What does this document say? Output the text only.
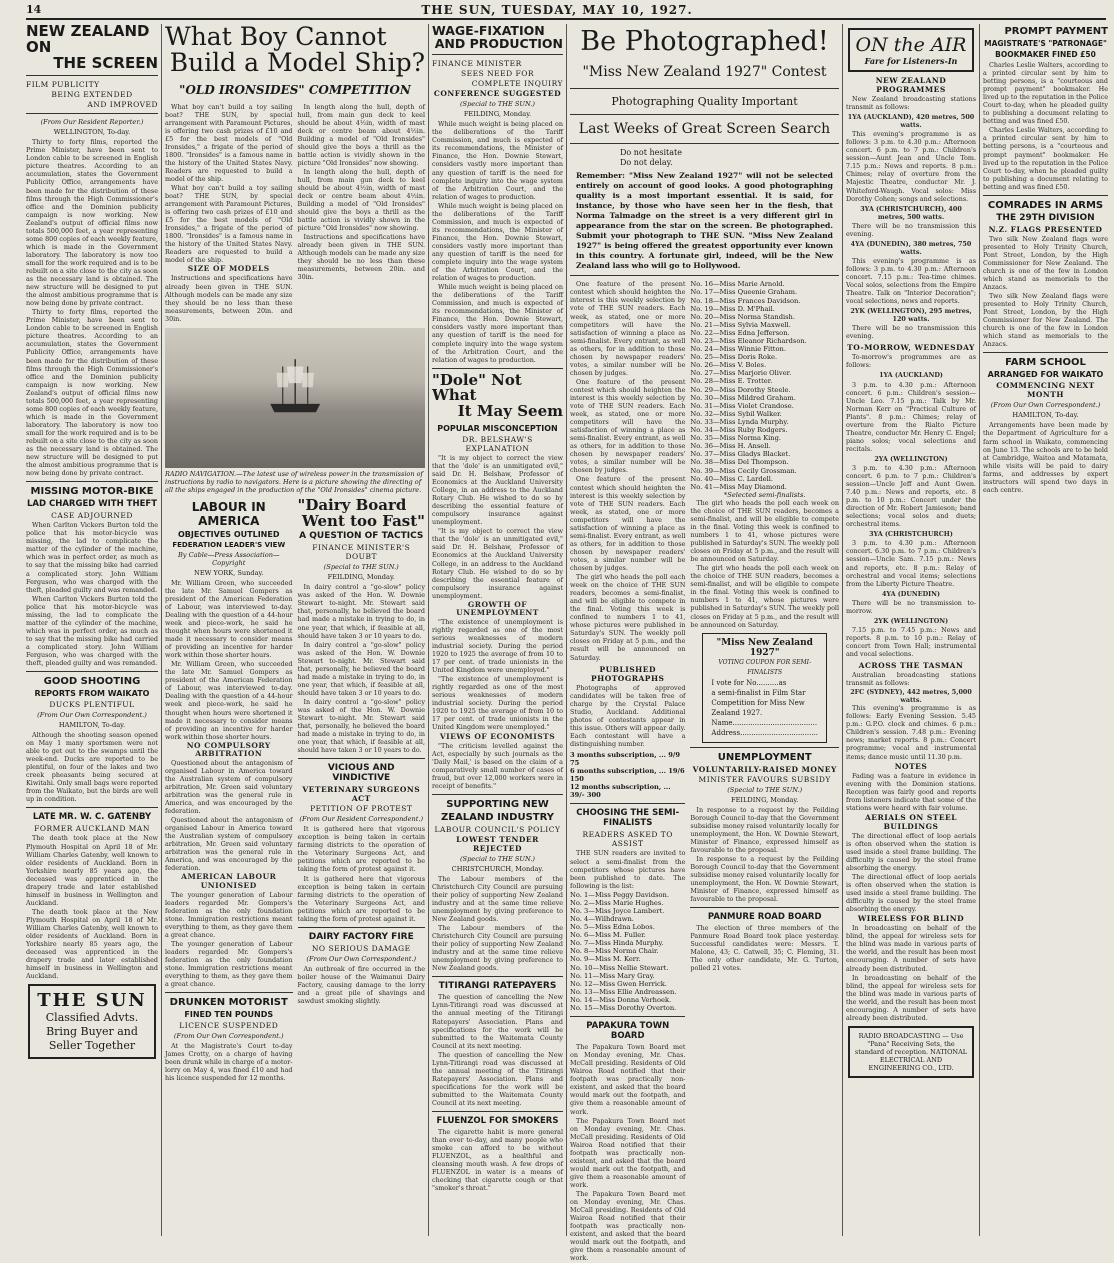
14	THE SUN, TUESDAY, MAY 10, 1927.
NEW ZEALAND ON
THE SCREEN
FILM PUBLICITY
BEING EXTENDED
AND IMPROVED
(From Our Resident Reporter.)
WELLINGTON, To-day.

Thirty to forty films, reported the Prime Minister, have been sent to London cable to be screened in English picture theatres. According to an accumulation, states the Government Publicity Office, arrangements have been made for the distribution of these films through the High Commissioner's office and the Dominion publicity campaign is now working. New Zealand's output of official films now totals 500,000 feet, a year representing some 800 copies of each weekly feature, which is made in the Government laboratory. The laboratory is now too small for the work required and is to be rebuilt on a site close to the city as soon as the necessary land is obtained. The new structure will be designed to put the almost ambitious programme that is now being done by private contract.

Thirty to forty films, reported the Prime Minister, have been sent to London cable to be screened in English picture theatres. According to an accumulation, states the Government Publicity Office, arrangements have been made for the distribution of these films through the High Commissioner's office and the Dominion publicity campaign is now working. New Zealand's output of official films now totals 500,000 feet, a year representing some 800 copies of each weekly feature, which is made in the Government laboratory. The laboratory is now too small for the work required and is to be rebuilt on a site close to the city as soon as the necessary land is obtained. The new structure will be designed to put the almost ambitious programme that is now being done by private contract.

MISSING MOTOR-BIKE
LAD CHARGED WITH THEFT
CASE ADJOURNED

When Carlton Vickers Burton told the police that his motor-bicycle was missing, the lad to complicate the matter of the cylinder of the machine, which was in perfect order, as much as to say that the missing bike had carried a complicated story. John William Ferguson, who was charged with the theft, pleaded guilty and was remanded.

When Carlton Vickers Burton told the police that his motor-bicycle was missing, the lad to complicate the matter of the cylinder of the machine, which was in perfect order, as much as to say that the missing bike had carried a complicated story. John William Ferguson, who was charged with the theft, pleaded guilty and was remanded.

GOOD SHOOTING
REPORTS FROM WAIKATO
DUCKS PLENTIFUL
(From Our Own Correspondent.)
HAMILTON, To-day.

Although the shooting season opened on May 1 many sportsmen were not able to get out to the swamps until the week-end. Ducks are reported to be plentiful, on four of the lakes and two creek pheasants being secured at Kiwitahi. Only small bags were reported from the Waikato, but the birds are well up in condition.

LATE MR. W. C. GATENBY
FORMER AUCKLAND MAN

The death took place at the New Plymouth Hospital on April 18 of Mr. William Charles Gatenby, well known to older residents of Auckland. Born in Yorkshire nearly 85 years ago, the deceased was apprenticed in the drapery trade and later established himself in business in Wellington and Auckland.

The death took place at the New Plymouth Hospital on April 18 of Mr. William Charles Gatenby, well known to older residents of Auckland. Born in Yorkshire nearly 85 years ago, the deceased was apprenticed in the drapery trade and later established himself in business in Wellington and Auckland.

THE SUN
Classified Advts.
Bring Buyer and
Seller Together
What Boy Cannot
Build a Model Ship?
"OLD IRONSIDES" COMPETITION

What boy can't build a toy sailing boat? THE SUN, by special arrangement with Paramount Pictures, is offering two cash prizes of £10 and £5 for the best models of "Old Ironsides," a frigate of the period of 1800. "Ironsides" is a famous name in the history of the United States Navy. Readers are requested to build a model of the ship.

What boy can't build a toy sailing boat? THE SUN, by special arrangement with Paramount Pictures, is offering two cash prizes of £10 and £5 for the best models of "Old Ironsides," a frigate of the period of 1800. "Ironsides" is a famous name in the history of the United States Navy. Readers are requested to build a model of the ship.

SIZE OF MODELS

Instructions and specifications have already been given in THE SUN. Although models can be made any size they should be no less than these measurements, between 20in. and 30in.

In length along the hull, depth of hull, from main gun deck to keel should be about 4½in, width of mast deck or centre beam about 4½in. Building a model of "Old Ironsides" should give the boys a thrill as the battle action is vividly shown in the picture "Old Ironsides" now showing.

In length along the hull, depth of hull, from main gun deck to keel should be about 4½in, width of mast deck or centre beam about 4½in. Building a model of "Old Ironsides" should give the boys a thrill as the battle action is vividly shown in the picture "Old Ironsides" now showing.

Instructions and specifications have already been given in THE SUN. Although models can be made any size they should be no less than these measurements, between 20in. and 30in.

RADIO NAVIGATION.—The latest use of wireless power in the transmission of instructions by radio to navigators. Here is a picture showing the directing of all the ships engaged in the production of the "Old Ironsides" cinema picture.
LABOUR IN AMERICA
OBJECTIVES OUTLINED
FEDERATION LEADER'S VIEW
By Cable—Press Association—Copyright
NEW YORK, Sunday.

Mr. William Green, who succeeded the late Mr. Samuel Gompers as president of the American Federation of Labour, was interviewed to-day. Dealing with the question of a 44-hour week and piece-work, he said he thought when hours were shortened it made it necessary to consider means of providing an incentive for harder work within those shorter hours.

Mr. William Green, who succeeded the late Mr. Samuel Gompers as president of the American Federation of Labour, was interviewed to-day. Dealing with the question of a 44-hour week and piece-work, he said he thought when hours were shortened it made it necessary to consider means of providing an incentive for harder work within those shorter hours.

NO COMPULSORY ARBITRATION

Questioned about the antagonism of organised Labour in America toward the Australian system of compulsory arbitration, Mr. Green said voluntary arbitration was the general rule in America, and was encouraged by the federation.

Questioned about the antagonism of organised Labour in America toward the Australian system of compulsory arbitration, Mr. Green said voluntary arbitration was the general rule in America, and was encouraged by the federation.

AMERICAN LABOUR UNIONISED

The younger generation of Labour leaders regarded Mr. Gompers's federation as the only foundation stone. Immigration restrictions meant everything to them, as they gave them a great chance.

The younger generation of Labour leaders regarded Mr. Gompers's federation as the only foundation stone. Immigration restrictions meant everything to them, as they gave them a great chance.

DRUNKEN MOTORIST
FINED TEN POUNDS
LICENCE SUSPENDED
(From Our Own Correspondent.)

At the Magistrate's Court to-day James Crotty, on a charge of having been drunk while in charge of a motor-lorry on May 4, was fined £10 and had his licence suspended for 12 months.

"Dairy Board
Went too Fast"
A QUESTION OF TACTICS
FINANCE MINISTER'S DOUBT
(Special to THE SUN.)
FEILDING, Monday.

In dairy control a "go-slow" policy was asked of the Hon. W. Downie Stewart to-night. Mr. Stewart said that, personally, he believed the board had made a mistake in trying to do, in one year, that which, if feasible at all, should have taken 3 or 10 years to do.

In dairy control a "go-slow" policy was asked of the Hon. W. Downie Stewart to-night. Mr. Stewart said that, personally, he believed the board had made a mistake in trying to do, in one year, that which, if feasible at all, should have taken 3 or 10 years to do.

In dairy control a "go-slow" policy was asked of the Hon. W. Downie Stewart to-night. Mr. Stewart said that, personally, he believed the board had made a mistake in trying to do, in one year, that which, if feasible at all, should have taken 3 or 10 years to do.

VICIOUS AND VINDICTIVE
VETERINARY SURGEONS ACT
PETITION OF PROTEST
(From Our Resident Correspondent.)

It is gathered here that vigorous exception is being taken in certain farming districts to the operation of the Veterinary Surgeons Act, and petitions which are reported to be taking the form of protest against it.

It is gathered here that vigorous exception is being taken in certain farming districts to the operation of the Veterinary Surgeons Act, and petitions which are reported to be taking the form of protest against it.

DAIRY FACTORY FIRE
NO SERIOUS DAMAGE
(From Our Own Correspondent.)

An outbreak of fire occurred in the boiler house of the Waimanui Dairy Factory, causing damage to the lorry and a great pile of shavings and sawdust smoking slightly.

WAGE-FIXATION
AND PRODUCTION
FINANCE MINISTER
SEES NEED FOR
COMPLETE INQUIRY
CONFERENCE SUGGESTED
(Special to THE SUN.)
FEILDING, Monday.

While much weight is being placed on the deliberations of the Tariff Commission, and much is expected of its recommendations, the Minister of Finance, the Hon. Downie Stewart, considers vastly more important than any question of tariff is the need for complete inquiry into the wage system of the Arbitration Court, and the relation of wages to production.

While much weight is being placed on the deliberations of the Tariff Commission, and much is expected of its recommendations, the Minister of Finance, the Hon. Downie Stewart, considers vastly more important than any question of tariff is the need for complete inquiry into the wage system of the Arbitration Court, and the relation of wages to production.

While much weight is being placed on the deliberations of the Tariff Commission, and much is expected of its recommendations, the Minister of Finance, the Hon. Downie Stewart, considers vastly more important than any question of tariff is the need for complete inquiry into the wage system of the Arbitration Court, and the relation of wages to production.

"Dole" Not What
It May Seem
POPULAR MISCONCEPTION
DR. BELSHAW'S EXPLANATION

"It is my object to correct the view that the 'dole' is an unmitigated evil," said Dr. H. Belshaw, Professor of Economics at the Auckland University College, in an address to the Auckland Rotary Club. He wished to do so by describing the essential feature of compulsory insurance against unemployment.

"It is my object to correct the view that the 'dole' is an unmitigated evil," said Dr. H. Belshaw, Professor of Economics at the Auckland University College, in an address to the Auckland Rotary Club. He wished to do so by describing the essential feature of compulsory insurance against unemployment.

GROWTH OF UNEMPLOYMENT

"The existence of unemployment is rightly regarded as one of the most serious weaknesses of modern industrial society. During the period 1920 to 1925 the average of from 10 to 17 per cent. of trade unionists in the United Kingdom were unemployed."

"The existence of unemployment is rightly regarded as one of the most serious weaknesses of modern industrial society. During the period 1920 to 1925 the average of from 10 to 17 per cent. of trade unionists in the United Kingdom were unemployed."

VIEWS OF ECONOMISTS

"The criticism levelled against the Act, especially by such journals as the 'Daily Mail,' is based on the claim of a comparatively small number of cases of fraud, but over 12,000 workers were in receipt of benefits."

SUPPORTING NEW
ZEALAND INDUSTRY
LABOUR COUNCIL'S POLICY
LOWEST TENDER REJECTED
(Special to THE SUN.)
CHRISTCHURCH, Monday.

The Labour members of the Christchurch City Council are pursuing their policy of supporting New Zealand industry and at the same time relieve unemployment by giving preference to New Zealand goods.

The Labour members of the Christchurch City Council are pursuing their policy of supporting New Zealand industry and at the same time relieve unemployment by giving preference to New Zealand goods.

TITIRANGI RATEPAYERS

The question of cancelling the New Lynn-Titirangi road was discussed at the annual meeting of the Titirangi Ratepayers' Association. Plans and specifications for the work will be submitted to the Waitemata County Council at its next meeting.

The question of cancelling the New Lynn-Titirangi road was discussed at the annual meeting of the Titirangi Ratepayers' Association. Plans and specifications for the work will be submitted to the Waitemata County Council at its next meeting.

FLUENZOL FOR SMOKERS

The cigarette habit is more general than ever to-day, and many people who smoke can afford to be without FLUENZOL, as a healthful and cleansing mouth wash. A few drops of FLUENZOL in water is a means of checking that cigarette cough or that "smoker's throat."

Be Photographed!
"Miss New Zealand 1927" Contest
Photographing Quality Important
Last Weeks of Great Screen Search
Do not hesitate
Do not delay.
Remember: "Miss New Zealand 1927" will not be selected entirely on account of good looks. A good photographing quality is a most important essential. It is said, for instance, by those who have seen her in the flesh, that Norma Talmadge on the street is a very different girl in appearance from the star on the screen. Be photographed. Submit your photograph to THE SUN. "Miss New Zealand 1927" is being offered the greatest opportunity ever known in this country. A fortunate girl, indeed, will be the New Zealand lass who will go to Hollywood.

One feature of the present contest which should heighten the interest is this weekly selection by vote of THE SUN readers. Each week, as stated, one or more competitors will have the satisfaction of winning a place as semi-finalist. Every entrant, as well as others, for in addition to those chosen by newspaper readers' votes, a similar number will be chosen by judges.

One feature of the present contest which should heighten the interest is this weekly selection by vote of THE SUN readers. Each week, as stated, one or more competitors will have the satisfaction of winning a place as semi-finalist. Every entrant, as well as others, for in addition to those chosen by newspaper readers' votes, a similar number will be chosen by judges.

One feature of the present contest which should heighten the interest is this weekly selection by vote of THE SUN readers. Each week, as stated, one or more competitors will have the satisfaction of winning a place as semi-finalist. Every entrant, as well as others, for in addition to those chosen by newspaper readers' votes, a similar number will be chosen by judges.

The girl who heads the poll each week on the choice of THE SUN readers, becomes a semi-finalist, and will be eligible to compete in the final. Voting this week is confined to numbers 1 to 41, whose pictures were published in Saturday's SUN. The weekly poll closes on Friday at 5 p.m., and the result will be announced on Saturday.

PUBLISHED PHOTOGRAPHS

Photographs of approved candidates will be taken free of charge by the Crystal Palace Studio, Auckland. Additional photos of contestants appear in this issue. Others will appear daily. Each contestant will have a distinguishing number.

3 months subscription, ... 9/9 75
6 months subscription, ... 19/6 150
12 months subscription, ... 39/- 300
CHOOSING THE SEMI-FINALISTS
READERS ASKED TO ASSIST

THE SUN readers are invited to select a semi-finalist from the competitors whose pictures have been published to date. The following is the list:

No. 1—Miss Peggy Davidson.
No. 2—Miss Marie Hughes.
No. 3—Miss Joyce Lambert.
No. 4—Wilhdrawn.
No. 5—Miss Edna Lobos.
No. 6—Miss M. Fuller.
No. 7—Miss Hinda Murphy.
No. 8—Miss Norma Chair.
No. 9—Miss M. Kerr.
No. 10—Miss Nellie Stewart.
No. 11—Miss Mary Gray.
No. 12—Miss Gwen Herrick.
No. 13—Miss Ellie Andreassen.
No. 14—Miss Donna Verhoek.
No. 15—Miss Dorothy Overton.
PAPAKURA TOWN BOARD

The Papakura Town Board met on Monday evening, Mr. Chas. McCall presiding. Residents of Old Wairoa Road notified that their footpath was practically non-existent, and asked that the board would mark out the footpath, and give them a reasonable amount of work.

The Papakura Town Board met on Monday evening, Mr. Chas. McCall presiding. Residents of Old Wairoa Road notified that their footpath was practically non-existent, and asked that the board would mark out the footpath, and give them a reasonable amount of work.

The Papakura Town Board met on Monday evening, Mr. Chas. McCall presiding. Residents of Old Wairoa Road notified that their footpath was practically non-existent, and asked that the board would mark out the footpath, and give them a reasonable amount of work.

No. 16—Miss Marie Arnold.
No. 17—Miss Queenie Graham.
No. 18—Miss Frances Davidson.
No. 19—Miss D. M'Phail.
No. 20—Miss Norma Standish.
No. 21—Miss Sylvia Maxwell.
No. 22—Miss Edna Jefferson.
No. 23—Miss Eleanor Richardson.
No. 24—Miss Winnie Fitton.
No. 25—Miss Doris Roke.
No. 26—Miss V. Boles.
No. 27—Miss Marjorie Oliver.
No. 28—Miss E. Trotter.
No. 29—Miss Dorothy Steele.
No. 30—Miss Mildred Graham.
No. 31—Miss Violet Crandose.
No. 32—Miss Sybil Walker.
No. 33—Miss Lynda Murphy.
No. 34—Miss Ruby Rodgers.
No. 35—Miss Norma King.
No. 36—Miss H. Ansell.
No. 37—Miss Gladys Blacket.
No. 38—Miss Del Thompson.
No. 39—Miss Cecily Grossman.
No. 40—Miss C. Lardell.
No. 41—Miss May Diamond.
*Selected semi-finalists.

The girl who heads the poll each week on the choice of THE SUN readers, becomes a semi-finalist, and will be eligible to compete in the final. Voting this week is confined to numbers 1 to 41, whose pictures were published in Saturday's SUN. The weekly poll closes on Friday at 5 p.m., and the result will be announced on Saturday.

The girl who heads the poll each week on the choice of THE SUN readers, becomes a semi-finalist, and will be eligible to compete in the final. Voting this week is confined to numbers 1 to 41, whose pictures were published in Saturday's SUN. The weekly poll closes on Friday at 5 p.m., and the result will be announced on Saturday.

"Miss New Zealand 1927"
VOTING COUPON FOR SEMI-FINALISTS
I vote for No..........as
a semi-finalist in Film Star
Competition for Miss New
Zealand 1927.
Name......................................
Address...................................
UNEMPLOYMENT
VOLUNTARILY-RAISED MONEY
MINISTER FAVOURS SUBSIDY
(Special to THE SUN.)
FEILDING, Monday.

In response to a request by the Feilding Borough Council to-day that the Government subsidise money raised voluntarily locally for unemployment, the Hon. W. Downie Stewart, Minister of Finance, expressed himself as favourable to the proposal.

In response to a request by the Feilding Borough Council to-day that the Government subsidise money raised voluntarily locally for unemployment, the Hon. W. Downie Stewart, Minister of Finance, expressed himself as favourable to the proposal.

PANMURE ROAD BOARD

The election of three members of the Panmure Road Board took place yesterday. Successful candidates were: Messrs. T. Malone, 43; C. Catwell, 35; C. Fleming, 31. The only other candidate, Mr. G. Turton, polled 21 votes.

ON the AIR
Fare for Listeners-In
NEW ZEALAND PROGRAMMES

New Zealand broadcasting stations transmit as follows:

1YA (AUCKLAND), 420 metres, 500 watts.

This evening's programme is as follows: 3 p.m. to 4.30 p.m.: Afternoon concert. 6 p.m. to 7 p.m.: Children's session—Aunt Jean and Uncle Tom. 7.15 p.m.: News and reports. 8 p.m.: Chimes; relay of overture from the Majestic Theatre, conductor Mr. J. Whiteford-Waugh. Vocal solos: Miss Dorothy Cohen; songs and selections.

3YA (CHRISTCHURCH), 400 metres, 500 watts.

There will be no transmission this evening.

4YA (DUNEDIN), 380 metres, 750 watts.

This evening's programme is as follows: 3 p.m. to 4.30 p.m.: Afternoon concert. 7.15 p.m.: Tea-time chimes. Vocal solos, selections from the Empire Theatre. Talk on "Interior Decoration"; vocal selections, news and reports.

2YK (WELLINGTON), 295 metres, 120 watts.

There will be no transmission this evening.

TO-MORROW, WEDNESDAY

To-morrow's programmes are as follows:

1YA (AUCKLAND)

3 p.m. to 4.30 p.m.: Afternoon concert. 6 p.m.: Children's session—Uncle Leo. 7.15 p.m.: Talk by Mr. Norman Kerr on "Practical Culture of Plants". 8 p.m.: Chimes; relay of overture from the Rialto Picture Theatre, conductor Mr. Henry C. Engel; piano solos; vocal selections and recitals.

2YA (WELLINGTON)

3 p.m. to 4.30 p.m.: Afternoon concert. 6 p.m. to 7 p.m.: Children's session—Uncle Jeff and Aunt Gwen. 7.40 p.m.: News and reports, etc. 8 p.m. to 10 p.m.: Concert under the direction of Mr. Robert Jamieson; band selections; vocal solos and duets; orchestral items.

3YA (CHRISTCHURCH)

3 p.m. to 4.30 p.m.: Afternoon concert. 6.30 p.m. to 7 p.m.: Children's session—Uncle Sam. 7.15 p.m.: News and reports, etc. 8 p.m.: Relay of orchestral and vocal items; selections from the Liberty Picture Theatre.

4YA (DUNEDIN)

There will be no transmission to-morrow.

2YK (WELLINGTON)

7.15 p.m. to 7.45 p.m.: News and reports. 8 p.m. to 10 p.m.: Relay of concert from Town Hall; instrumental and vocal selections.

ACROSS THE TASMAN

Australian broadcasting stations transmit as follows:

2FC (SYDNEY), 442 metres, 5,000 watts.

This evening's programme is as follows: Early Evening Session. 5.45 p.m.: G.P.O. clock and chimes. 6 p.m.: Children's session. 7.48 p.m.: Evening news; market reports. 8 p.m.: Concert programme; vocal and instrumental items; dance music until 11.30 p.m.

NOTES

Fading was a feature in evidence in evening with the Dominion stations. Reception was fairly good and reports from listeners indicate that some of the stations were heard with fair volume.

AERIALS ON STEEL BUILDINGS

The directional effect of loop aerials is often observed when the station is used inside a steel frame building. The difficulty is caused by the steel frame absorbing the energy.

The directional effect of loop aerials is often observed when the station is used inside a steel frame building. The difficulty is caused by the steel frame absorbing the energy.

WIRELESS FOR BLIND

In broadcasting on behalf of the blind, the appeal for wireless sets for the blind was made in various parts of the world, and the result has been most encouraging. A number of sets have already been distributed.

In broadcasting on behalf of the blind, the appeal for wireless sets for the blind was made in various parts of the world, and the result has been most encouraging. A number of sets have already been distributed.

RADIO BROADCASTING — Use "Pana" Receiving Sets, the standard of reception. NATIONAL ELECTRICAL AND ENGINEERING CO., LTD.
PROMPT PAYMENT
MAGISTRATE'S "PATRONAGE"
BOOKMAKER FINED £50

Charles Leslie Walters, according to a printed circular sent by him to betting persons, is a "courteous and prompt payment" bookmaker. He lived up to the reputation in the Police Court to-day, when he pleaded guilty to publishing a document relating to betting and was fined £50.

Charles Leslie Walters, according to a printed circular sent by him to betting persons, is a "courteous and prompt payment" bookmaker. He lived up to the reputation in the Police Court to-day, when he pleaded guilty to publishing a document relating to betting and was fined £50.

COMRADES IN ARMS
THE 29TH DIVISION
N.Z. FLAGS PRESENTED

Two silk New Zealand flags were presented to Holy Trinity Church, Pont Street, London, by the High Commissioner for New Zealand. The church is one of the few in London which stand as memorials to the Anzacs.

Two silk New Zealand flags were presented to Holy Trinity Church, Pont Street, London, by the High Commissioner for New Zealand. The church is one of the few in London which stand as memorials to the Anzacs.

FARM SCHOOL
ARRANGED FOR WAIKATO
COMMENCING NEXT MONTH
(From Our Own Correspondent.)
HAMILTON, To-day.

Arrangements have been made by the Department of Agriculture for a farm school in Waikato, commencing on June 13. The schools are to be held at Cambridge, Waitoa and Matamata, while visits will be paid to dairy farms, and addresses by expert instructors will spend two days in each centre.
